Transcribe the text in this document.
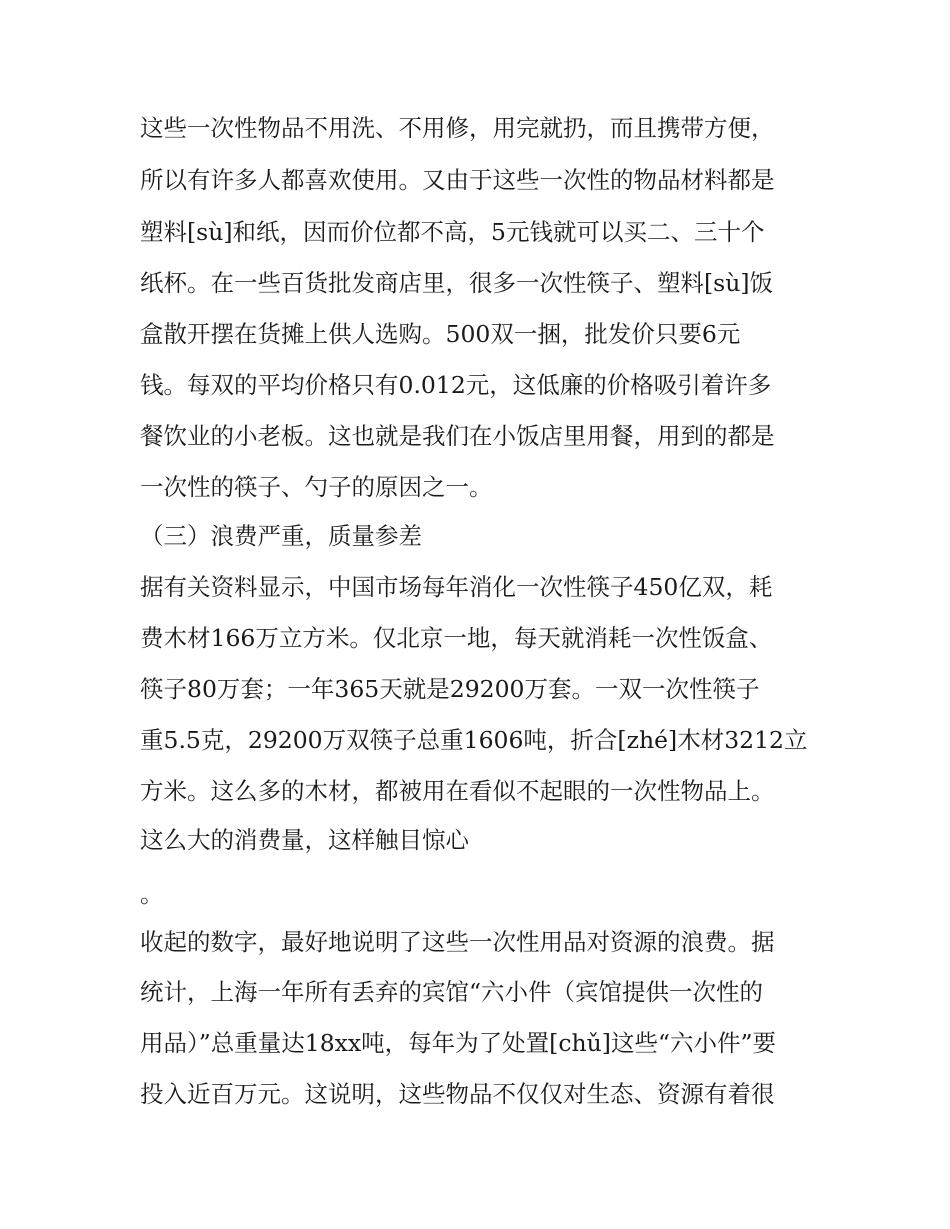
这些一次性物品不用洗、不用修，用完就扔，而且携带方便，
所以有许多人都喜欢使用。又由于这些一次性的物品材料都是
塑料[sù]和纸，因而价位都不高，5元钱就可以买二、三十个
纸杯。在一些百货批发商店里，很多一次性筷子、塑料[sù]饭
盒散开摆在货摊上供人选购。500双一捆，批发价只要6元
钱。每双的平均价格只有0.012元，这低廉的价格吸引着许多
餐饮业的小老板。这也就是我们在小饭店里用餐，用到的都是
一次性的筷子、勺子的原因之一。
（三）浪费严重，质量参差
据有关资料显示，中国市场每年消化一次性筷子450亿双，耗
费木材166万立方米。仅北京一地，每天就消耗一次性饭盒、
筷子80万套；一年365天就是29200万套。一双一次性筷子
重5.5克，29200万双筷子总重1606吨，折合[zhé]木材3212立
方米。这么多的木材，都被用在看似不起眼的一次性物品上。
这么大的消费量，这样触目惊心
。
收起的数字，最好地说明了这些一次性用品对资源的浪费。据
统计，上海一年所有丢弃的宾馆“六小件（宾馆提供一次性的
用品）”总重量达18xx吨，每年为了处置[chǔ]这些“六小件”要
投入近百万元。这说明，这些物品不仅仅对生态、资源有着很
